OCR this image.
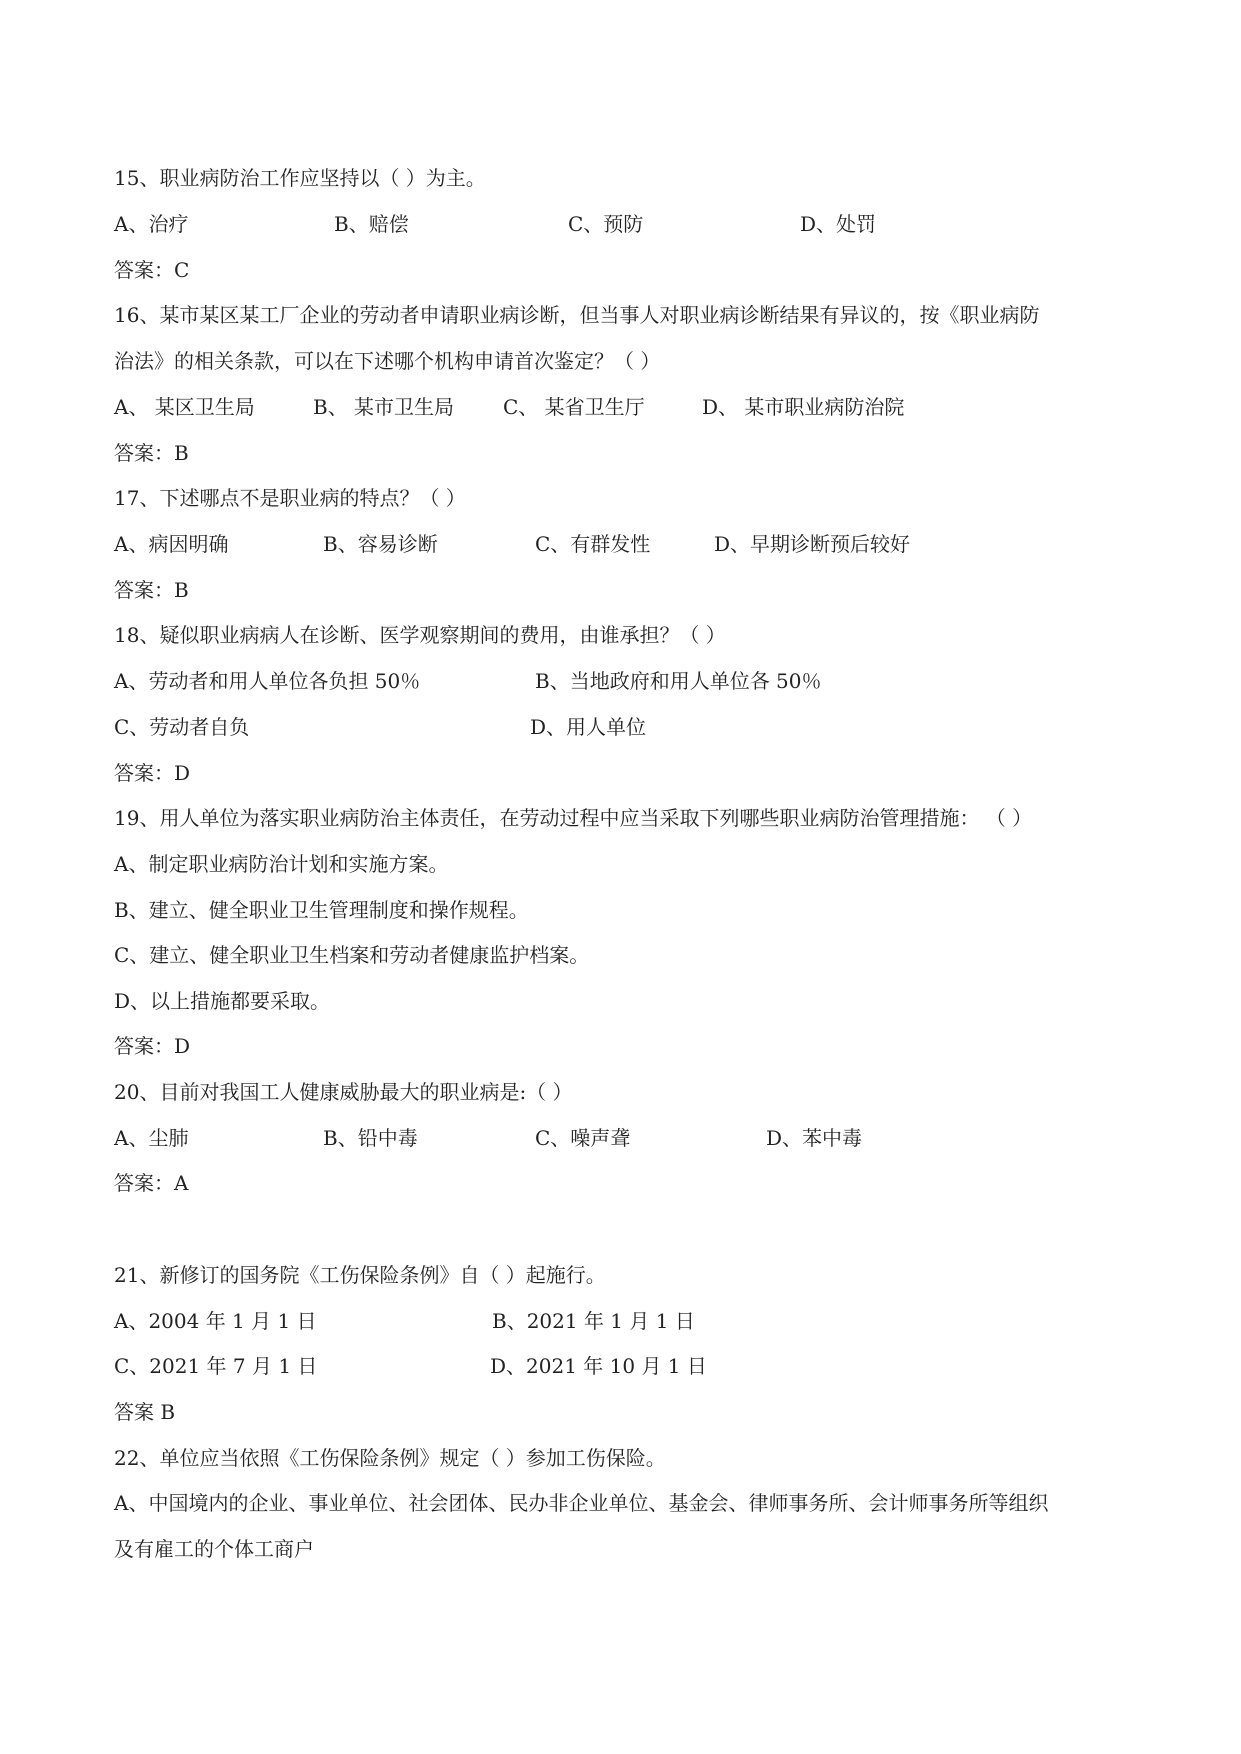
15、职业病防治工作应坚持以（ ）为主。
A、治疗	B、赔偿	C、预防	D、处罚
答案：C
16、某市某区某工厂企业的劳动者申请职业病诊断，但当事人对职业病诊断结果有异议的，按《职业病防
治法》的相关条款，可以在下述哪个机构申请首次鉴定？（ ）
A、 某区卫生局	B、 某市卫生局 C、 某省卫生厅	D、 某市职业病防治院
答案：B
17、下述哪点不是职业病的特点？（ ）
A、病因明确	B、容易诊断	C、有群发性	D、早期诊断预后较好
答案：B
18、疑似职业病病人在诊断、医学观察期间的费用，由谁承担？（ ）
A、劳动者和用人单位各负担 50％	B、当地政府和用人单位各 50％
C、劳动者自负	D、用人单位
答案：D
19、用人单位为落实职业病防治主体责任，在劳动过程中应当采取下列哪些职业病防治管理措施： （ ）
A、制定职业病防治计划和实施方案。
B、建立、健全职业卫生管理制度和操作规程。
C、建立、健全职业卫生档案和劳动者健康监护档案。
D、以上措施都要采取。
答案：D
20、目前对我国工人健康威胁最大的职业病是:（ ）
A、尘肺	B、铅中毒	C、噪声聋	D、苯中毒
答案：A
21、新修订的国务院《工伤保险条例》自（ ）起施行。
A、2004 年 1 月 1 日	B、2021 年 1 月 1 日
C、2021 年 7 月 1 日	D、2021 年 10 月 1 日
答案 B
22、单位应当依照《工伤保险条例》规定（ ）参加工伤保险。
A、中国境内的企业、事业单位、社会团体、民办非企业单位、基金会、律师事务所、会计师事务所等组织
及有雇工的个体工商户
